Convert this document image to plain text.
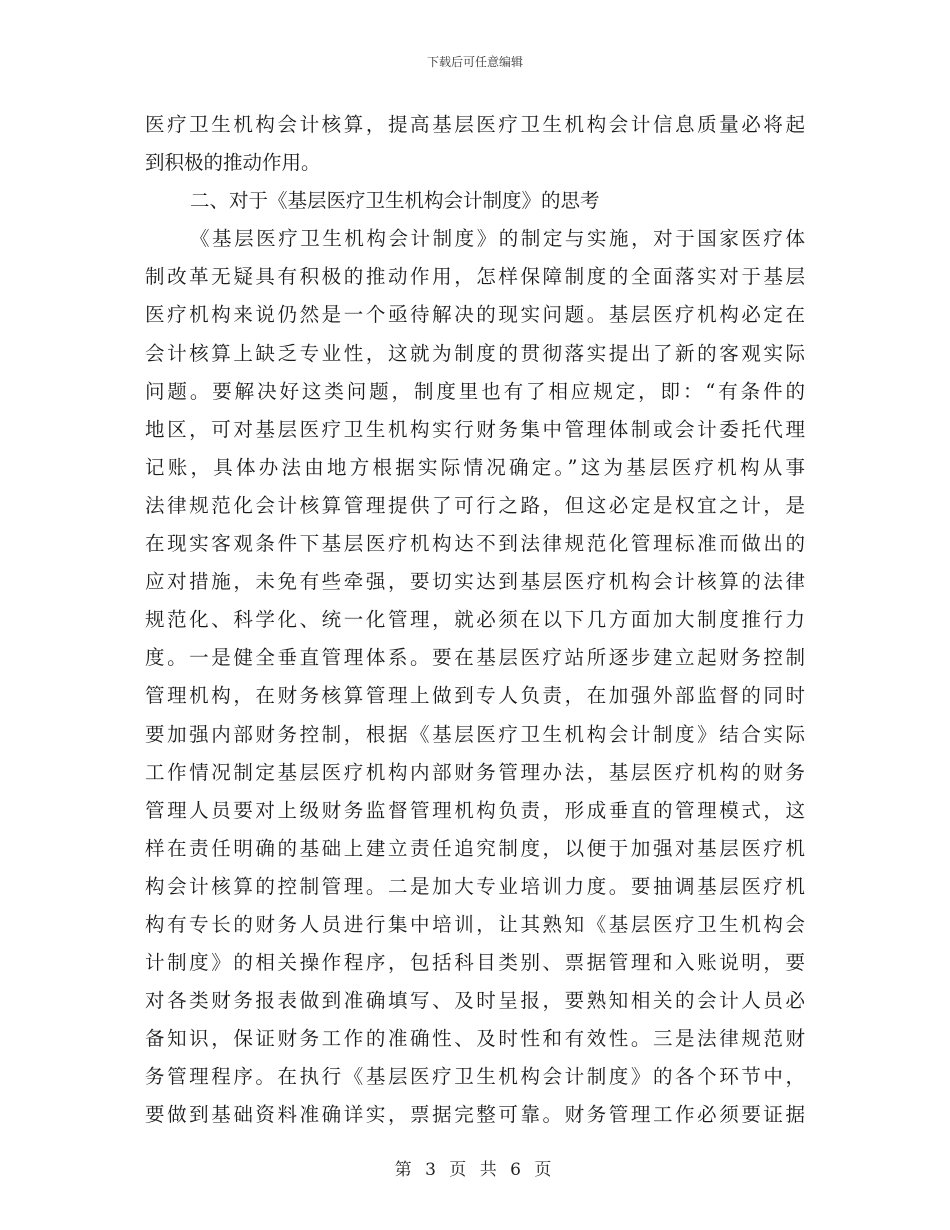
下载后可任意编辑
医疗卫生机构会计核算，提高基层医疗卫生机构会计信息质量必将起
到积极的推动作用。
二、对于《基层医疗卫生机构会计制度》的思考
《基层医疗卫生机构会计制度》的制定与实施，对于国家医疗体
制改革无疑具有积极的推动作用，怎样保障制度的全面落实对于基层
医疗机构来说仍然是一个亟待解决的现实问题。基层医疗机构必定在
会计核算上缺乏专业性，这就为制度的贯彻落实提出了新的客观实际
问题。要解决好这类问题，制度里也有了相应规定，即：“有条件的
地区，可对基层医疗卫生机构实行财务集中管理体制或会计委托代理
记账，具体办法由地方根据实际情况确定。”这为基层医疗机构从事
法律规范化会计核算管理提供了可行之路，但这必定是权宜之计，是
在现实客观条件下基层医疗机构达不到法律规范化管理标准而做出的
应对措施，未免有些牵强，要切实达到基层医疗机构会计核算的法律
规范化、科学化、统一化管理，就必须在以下几方面加大制度推行力
度。一是健全垂直管理体系。要在基层医疗站所逐步建立起财务控制
管理机构，在财务核算管理上做到专人负责，在加强外部监督的同时
要加强内部财务控制，根据《基层医疗卫生机构会计制度》结合实际
工作情况制定基层医疗机构内部财务管理办法，基层医疗机构的财务
管理人员要对上级财务监督管理机构负责，形成垂直的管理模式，这
样在责任明确的基础上建立责任追究制度，以便于加强对基层医疗机
构会计核算的控制管理。二是加大专业培训力度。要抽调基层医疗机
构有专长的财务人员进行集中培训，让其熟知《基层医疗卫生机构会
计制度》的相关操作程序，包括科目类别、票据管理和入账说明，要
对各类财务报表做到准确填写、及时呈报，要熟知相关的会计人员必
备知识，保证财务工作的准确性、及时性和有效性。三是法律规范财
务管理程序。在执行《基层医疗卫生机构会计制度》的各个环节中，
要做到基础资料准确详实，票据完整可靠。财务管理工作必须要证据
第 3 页 共 6 页
